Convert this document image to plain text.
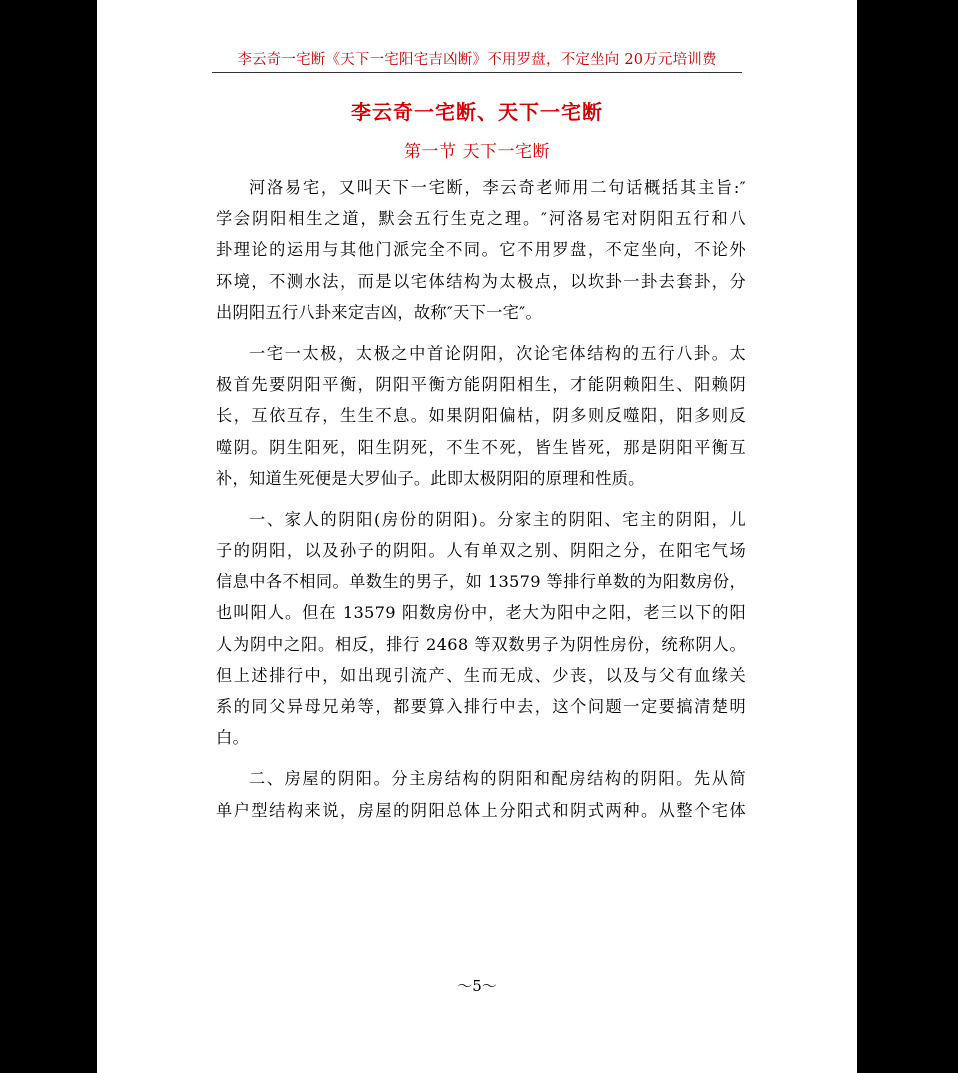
李云奇一宅断《天下一宅阳宅吉凶断》不用罗盘，不定坐向 20万元培训费
李云奇一宅断、天下一宅断
第一节 天下一宅断
河洛易宅，又叫天下一宅断，李云奇老师用二句话概括其主旨:″
学会阴阳相生之道，默会五行生克之理。″河洛易宅对阴阳五行和八
卦理论的运用与其他门派完全不同。它不用罗盘，不定坐向，不论外
环境，不测水法，而是以宅体结构为太极点，以坎卦一卦去套卦，分
出阴阳五行八卦来定吉凶，故称″天下一宅″。
一宅一太极，太极之中首论阴阳，次论宅体结构的五行八卦。太
极首先要阴阳平衡，阴阳平衡方能阴阳相生，才能阴赖阳生、阳赖阴
长，互依互存，生生不息。如果阴阳偏枯，阴多则反噬阳，阳多则反
噬阴。阴生阳死，阳生阴死，不生不死，皆生皆死，那是阴阳平衡互
补，知道生死便是大罗仙子。此即太极阴阳的原理和性质。
一、家人的阴阳(房份的阴阳)。分家主的阴阳、宅主的阴阳，儿
子的阴阳，以及孙子的阴阳。人有单双之别、阴阳之分，在阳宅气场
信息中各不相同。单数生的男子，如 13579 等排行单数的为阳数房份，
也叫阳人。但在 13579 阳数房份中，老大为阳中之阳，老三以下的阳
人为阴中之阳。相反，排行 2468 等双数男子为阴性房份，统称阴人。
但上述排行中，如出现引流产、生而无成、少丧，以及与父有血缘关
系的同父异母兄弟等，都要算入排行中去，这个问题一定要搞清楚明
白。
二、房屋的阴阳。分主房结构的阴阳和配房结构的阴阳。先从简
单户型结构来说，房屋的阴阳总体上分阳式和阴式两种。从整个宅体
～5～
